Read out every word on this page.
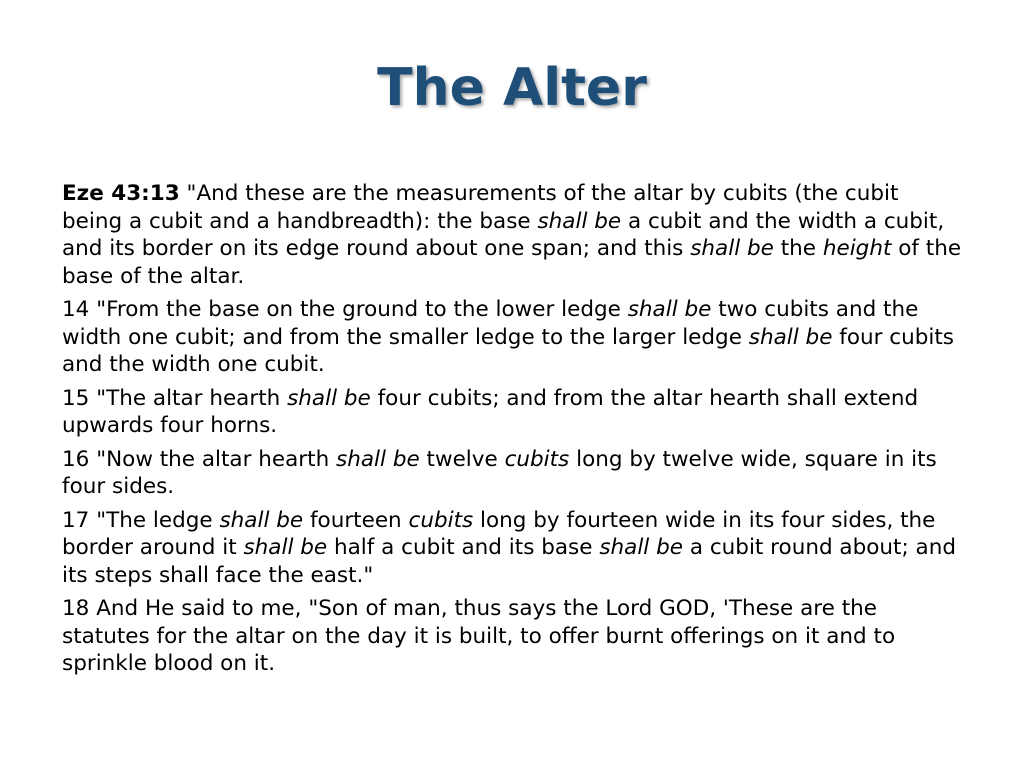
The Alter

Eze 43:13 "And these are the measurements of the altar by cubits (the cubit being a cubit and a handbreadth): the base shall be a cubit and the width a cubit, and its border on its edge round about one span; and this shall be the height of the base of the altar.

14 "From the base on the ground to the lower ledge shall be two cubits and the width one cubit; and from the smaller ledge to the larger ledge shall be four cubits and the width one cubit.

15 "The altar hearth shall be four cubits; and from the altar hearth shall extend upwards four horns.

16 "Now the altar hearth shall be twelve cubits long by twelve wide, square in its four sides.

17 "The ledge shall be fourteen cubits long by fourteen wide in its four sides, the border around it shall be half a cubit and its base shall be a cubit round about; and its steps shall face the east."

18 And He said to me, "Son of man, thus says the Lord GOD, 'These are the statutes for the altar on the day it is built, to offer burnt offerings on it and to sprinkle blood on it.
